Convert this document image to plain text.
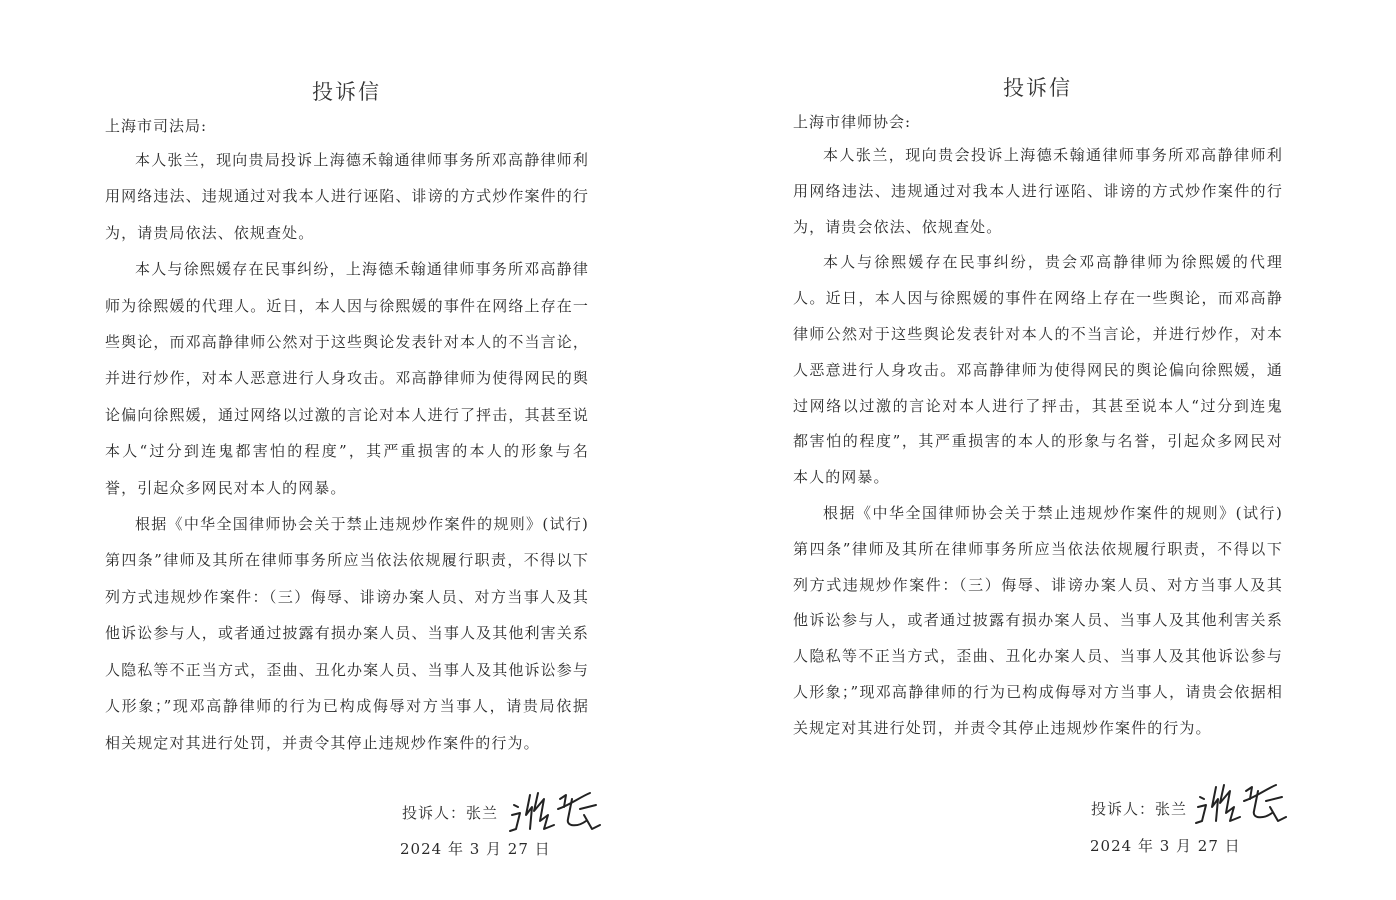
投诉信
上海市司法局:

本人张兰，现向贵局投诉上海德禾翰通律师事务所邓高静律师利用网络违法、违规通过对我本人进行诬陷、诽谤的方式炒作案件的行为，请贵局依法、依规查处。

本人与徐熙媛存在民事纠纷，上海德禾翰通律师事务所邓高静律师为徐熙媛的代理人。近日，本人因与徐熙媛的事件在网络上存在一些舆论，而邓高静律师公然对于这些舆论发表针对本人的不当言论，并进行炒作，对本人恶意进行人身攻击。邓高静律师为使得网民的舆论偏向徐熙媛，通过网络以过激的言论对本人进行了抨击，其甚至说本人“过分到连鬼都害怕的程度”，其严重损害的本人的形象与名誉，引起众多网民对本人的网暴。

根据《中华全国律师协会关于禁止违规炒作案件的规则》(试行)第四条”律师及其所在律师事务所应当依法依规履行职责，不得以下列方式违规炒作案件：（三）侮辱、诽谤办案人员、对方当事人及其他诉讼参与人，或者通过披露有损办案人员、当事人及其他利害关系人隐私等不正当方式，歪曲、丑化办案人员、当事人及其他诉讼参与人形象；”现邓高静律师的行为已构成侮辱对方当事人，请贵局依据相关规定对其进行处罚，并责令其停止违规炒作案件的行为。

投诉人：张兰
2024 年 3 月 27 日
投诉信
上海市律师协会:

本人张兰，现向贵会投诉上海德禾翰通律师事务所邓高静律师利用网络违法、违规通过对我本人进行诬陷、诽谤的方式炒作案件的行为，请贵会依法、依规查处。

本人与徐熙媛存在民事纠纷，贵会邓高静律师为徐熙媛的代理人。近日，本人因与徐熙媛的事件在网络上存在一些舆论，而邓高静律师公然对于这些舆论发表针对本人的不当言论，并进行炒作，对本人恶意进行人身攻击。邓高静律师为使得网民的舆论偏向徐熙媛，通过网络以过激的言论对本人进行了抨击，其甚至说本人“过分到连鬼都害怕的程度”，其严重损害的本人的形象与名誉，引起众多网民对本人的网暴。

根据《中华全国律师协会关于禁止违规炒作案件的规则》(试行)第四条”律师及其所在律师事务所应当依法依规履行职责，不得以下列方式违规炒作案件：（三）侮辱、诽谤办案人员、对方当事人及其他诉讼参与人，或者通过披露有损办案人员、当事人及其他利害关系人隐私等不正当方式，歪曲、丑化办案人员、当事人及其他诉讼参与人形象；”现邓高静律师的行为已构成侮辱对方当事人，请贵会依据相关规定对其进行处罚，并责令其停止违规炒作案件的行为。

投诉人：张兰
2024 年 3 月 27 日
